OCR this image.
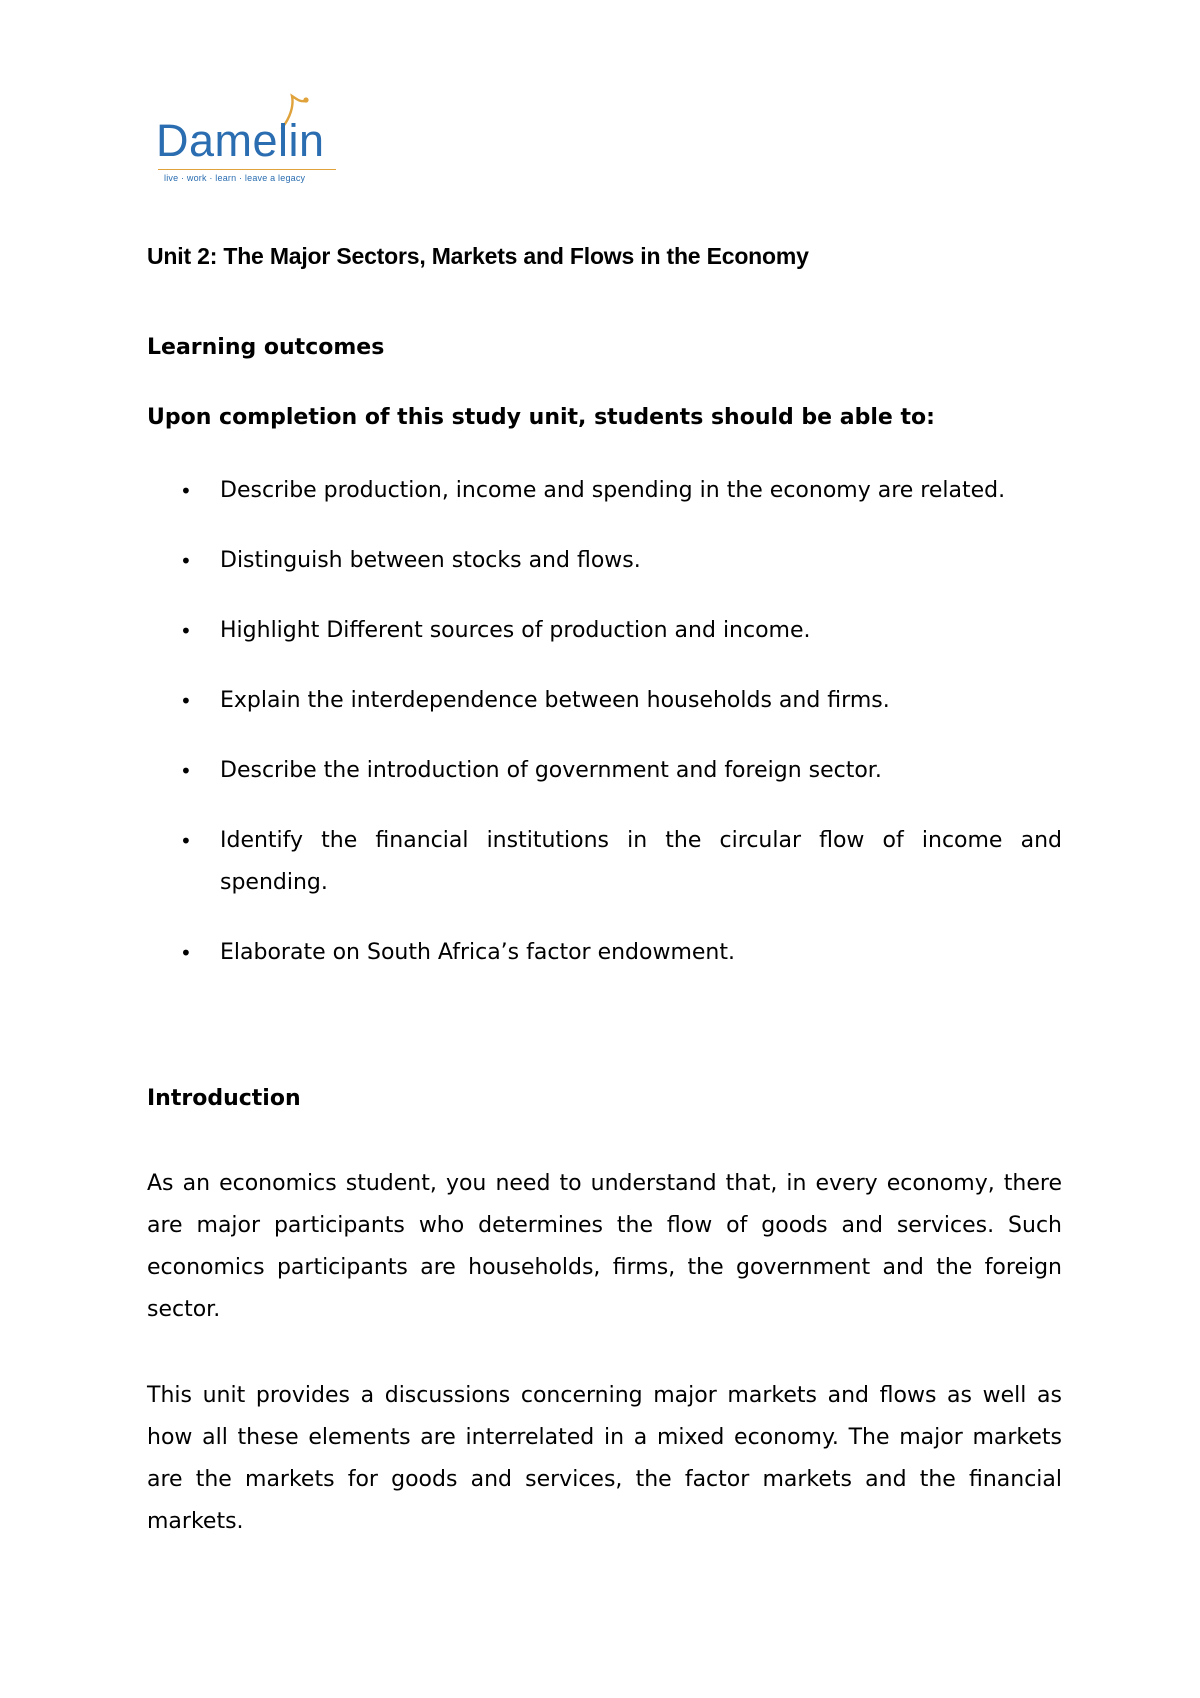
Damelin
live · work · learn · leave a legacy
Unit 2: The Major Sectors, Markets and Flows in the Economy
Learning outcomes
Upon completion of this study unit, students should be able to:
• Describe production, income and spending in the economy are related.
• Distinguish between stocks and flows.
• Highlight Different sources of production and income.
• Explain the interdependence between households and firms.
• Describe the introduction of government and foreign sector.
• Identify the financial institutions in the circular flow of income and spending.
• Elaborate on South Africa’s factor endowment.
Introduction
As an economics student, you need to understand that, in every economy, there are major participants who determines the flow of goods and services. Such economics participants are households, firms, the government and the foreign sector.
This unit provides a discussions concerning major markets and flows as well as how all these elements are interrelated in a mixed economy. The major markets are the markets for goods and services, the factor markets and the financial markets.
